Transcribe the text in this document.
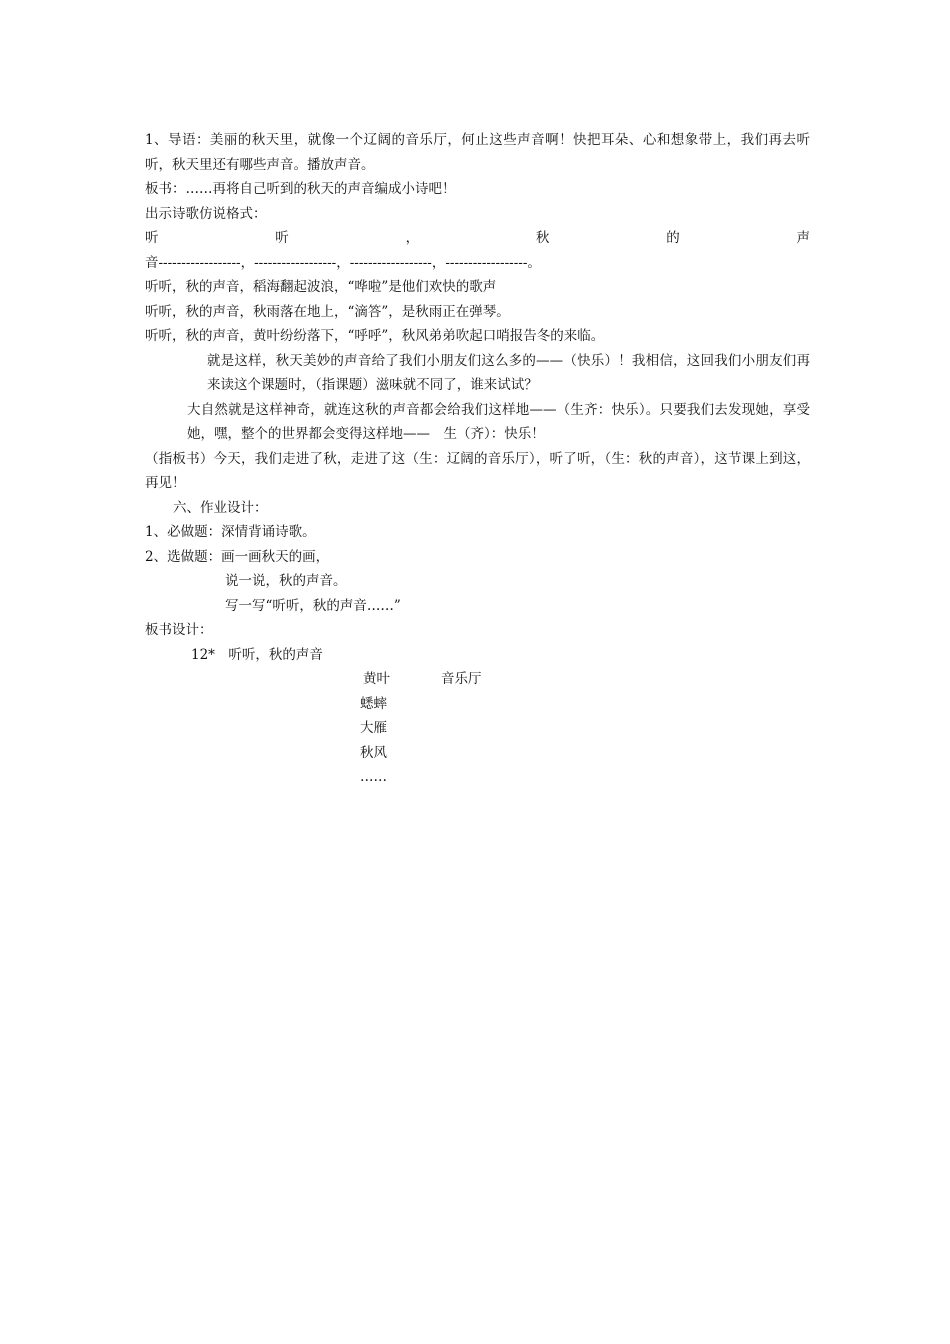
1、导语：美丽的秋天里，就像一个辽阔的音乐厅，何止这些声音啊！快把耳朵、心和想象带上，我们再去听听，秋天里还有哪些声音。播放声音。
板书：……再将自己听到的秋天的声音编成小诗吧！
出示诗歌仿说格式：
听	听	，	秋	的	声
音------------------，------------------，------------------，------------------。
听听，秋的声音，稻海翻起波浪，“哗啦”是他们欢快的歌声
听听，秋的声音，秋雨落在地上，“滴答”，是秋雨正在弹琴。
听听，秋的声音，黄叶纷纷落下，“呼呼”，秋风弟弟吹起口哨报告冬的来临。
就是这样，秋天美妙的声音给了我们小朋友们这么多的——（快乐）！我相信，这回我们小朋友们再来读这个课题时，（指课题）滋味就不同了，谁来试试？
大自然就是这样神奇，就连这秋的声音都会给我们这样地——（生齐：快乐）。只要我们去发现她，享受她，嘿，整个的世界都会变得这样地——　生（齐）：快乐！
（指板书）今天，我们走进了秋，走进了这（生：辽阔的音乐厅），听了听，（生：秋的声音），这节课上到这，再见！
六、作业设计：
1、必做题：深情背诵诗歌。
2、选做题：画一画秋天的画，
说一说，秋的声音。
写一写“听听，秋的声音……”
板书设计：
12*　听听，秋的声音
黄叶	音乐厅
蟋蟀
大雁
秋风
……
